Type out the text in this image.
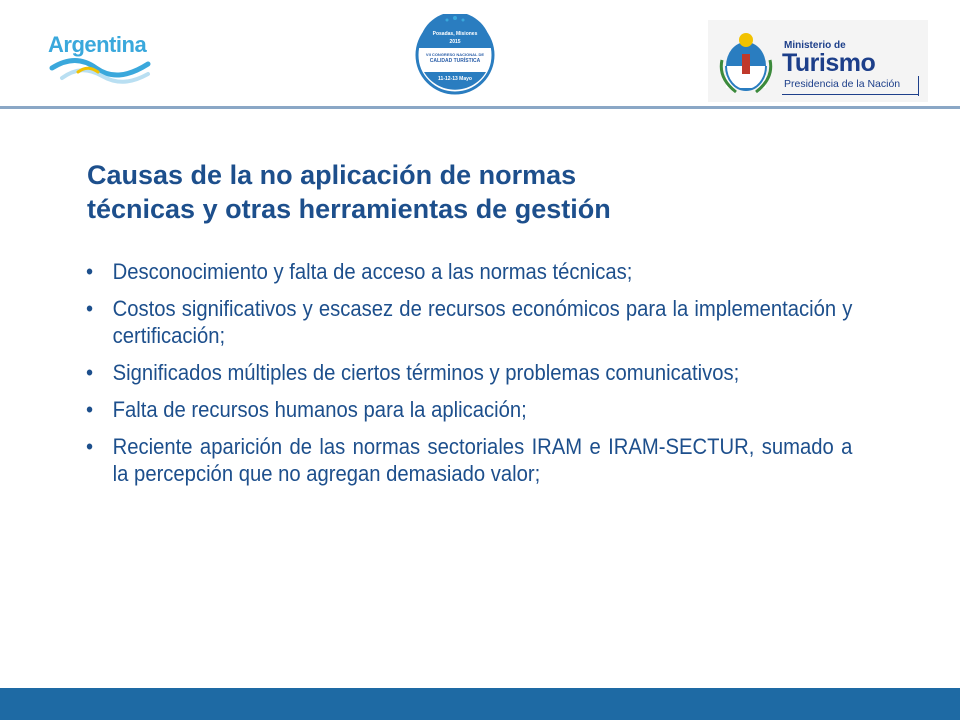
Argentina	Posadas, Misiones
2015
VII CONGRESO NACIONAL DE
CALIDAD TURÍSTICA
11-12-13 Mayo
Ministerio de
Turismo
Presidencia de la Nación
Causas de la no aplicación de normas
técnicas y otras herramientas de gestión
• Desconocimiento y falta de acceso a las normas técnicas;
• Costos significativos y escasez de recursos económicos para la implementación y certificación;
• Significados múltiples de ciertos términos y problemas comunicativos;
• Falta de recursos humanos para la aplicación;
• Reciente aparición de las normas sectoriales IRAM e IRAM-SECTUR, sumado a la percepción que no agregan demasiado valor;
